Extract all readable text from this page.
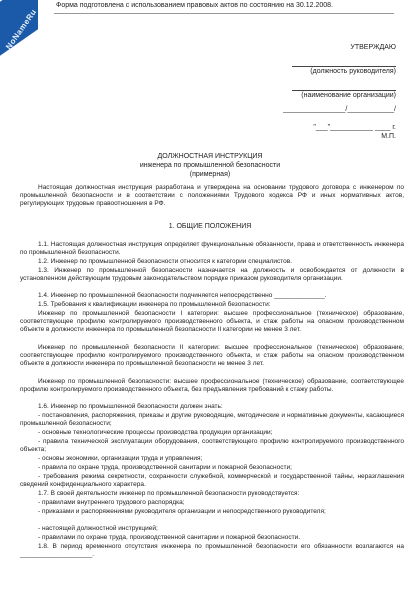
NoNameRu
Форма подготовлена с использованием правовых актов по состоянию на 30.12.2008.
УТВЕРЖДАЮ
(должность руководителя)
(наименование организации)
________________/____________/
"___"___________ ____ г.
М.П.
ДОЛЖНОСТНАЯ ИНСТРУКЦИЯ
инженера по промышленной безопасности
(примерная)

Настоящая должностная инструкция разработана и утверждена на основании трудового договора с инженером по промышленной безопасности и в соответствии с положениями Трудового кодекса РФ и иных нормативных актов, регулирующих трудовые правоотношения в РФ.

1. ОБЩИЕ ПОЛОЖЕНИЯ

1.1. Настоящая должностная инструкция определяет функциональные обязанности, права и ответственность инженера по промышленной безопасности.

1.2. Инженер по промышленной безопасности относится к категории специалистов.

1.3. Инженер по промышленной безопасности назначается на должность и освобождается от должности в установленном действующим трудовым законодательством порядке приказом руководителя организации.

1.4. Инженер по промышленной безопасности подчиняется непосредственно ______________.

1.5. Требования к квалификации инженера по промышленной безопасности:

Инженер по промышленной безопасности I категории: высшее профессиональное (техническое) образование, соответствующее профилю контролируемого производственного объекта, и стаж работы на опасном производственном объекте в должности инженера по промышленной безопасности II категории не менее 3 лет.

Инженер по промышленной безопасности II категории: высшее профессиональное (техническое) образование, соответствующее профилю контролируемого производственного объекта, и стаж работы на опасном производственном объекте в должности инженера по промышленной безопасности не менее 3 лет.

Инженер по промышленной безопасности: высшее профессиональное (техническое) образование, соответствующее профилю контролируемого производственного объекта, без предъявления требований к стажу работы.

1.6. Инженер по промышленной безопасности должен знать:

- постановления, распоряжения, приказы и другие руководящие, методические и нормативные документы, касающиеся промышленной безопасности;

- основные технологические процессы производства продукции организации;

- правила технической эксплуатации оборудования, соответствующего профилю контролируемого производственного объекта;

- основы экономики, организации труда и управления;

- правила по охране труда, производственной санитарии и пожарной безопасности;

- требования режима секретности, сохранности служебной, коммерческой и государственной тайны, неразглашения сведений конфиденциального характера.

1.7. В своей деятельности инженер по промышленной безопасности руководствуется:

- правилами внутреннего трудового распорядка;

- приказами и распоряжениями руководителя организации и непосредственного руководителя;

- настоящей должностной инструкцией;

- правилами по охране труда, производственной санитарии и пожарной безопасности.

1.8. В период временного отсутствия инженера по промышленной безопасности его обязанности возлагаются на ____________________.
